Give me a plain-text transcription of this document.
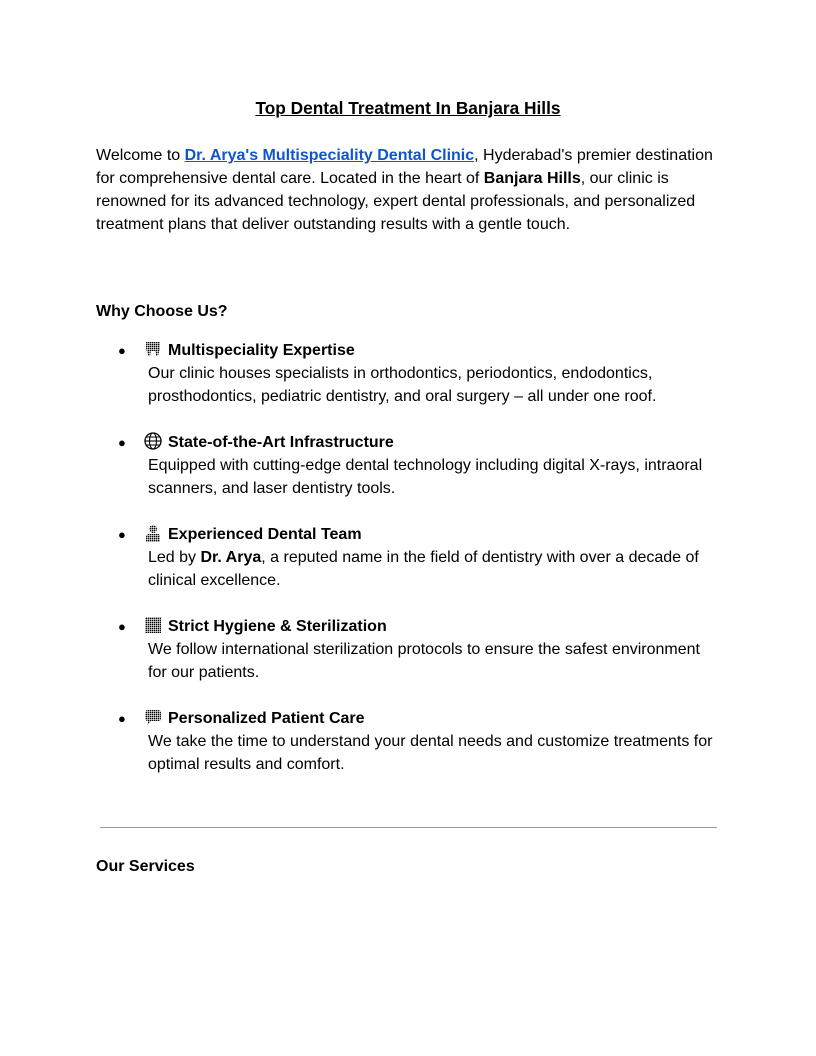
Top Dental Treatment In Banjara Hills

Welcome to Dr. Arya's Multispeciality Dental Clinic, Hyderabad's premier destination for comprehensive dental care. Located in the heart of Banjara Hills, our clinic is renowned for its advanced technology, expert dental professionals, and personalized treatment plans that deliver outstanding results with a gentle touch.

Why Choose Us?
●	Multispeciality Expertise
Our clinic houses specialists in orthodontics, periodontics, endodontics, prosthodontics, pediatric dentistry, and oral surgery – all under one roof.
●	State-of-the-Art Infrastructure
Equipped with cutting-edge dental technology including digital X-rays, intraoral scanners, and laser dentistry tools.
●	Experienced Dental Team
Led by Dr. Arya, a reputed name in the field of dentistry with over a decade of clinical excellence.
●	Strict Hygiene & Sterilization
We follow international sterilization protocols to ensure the safest environment for our patients.
●	Personalized Patient Care
We take the time to understand your dental needs and customize treatments for optimal results and comfort.
Our Services
